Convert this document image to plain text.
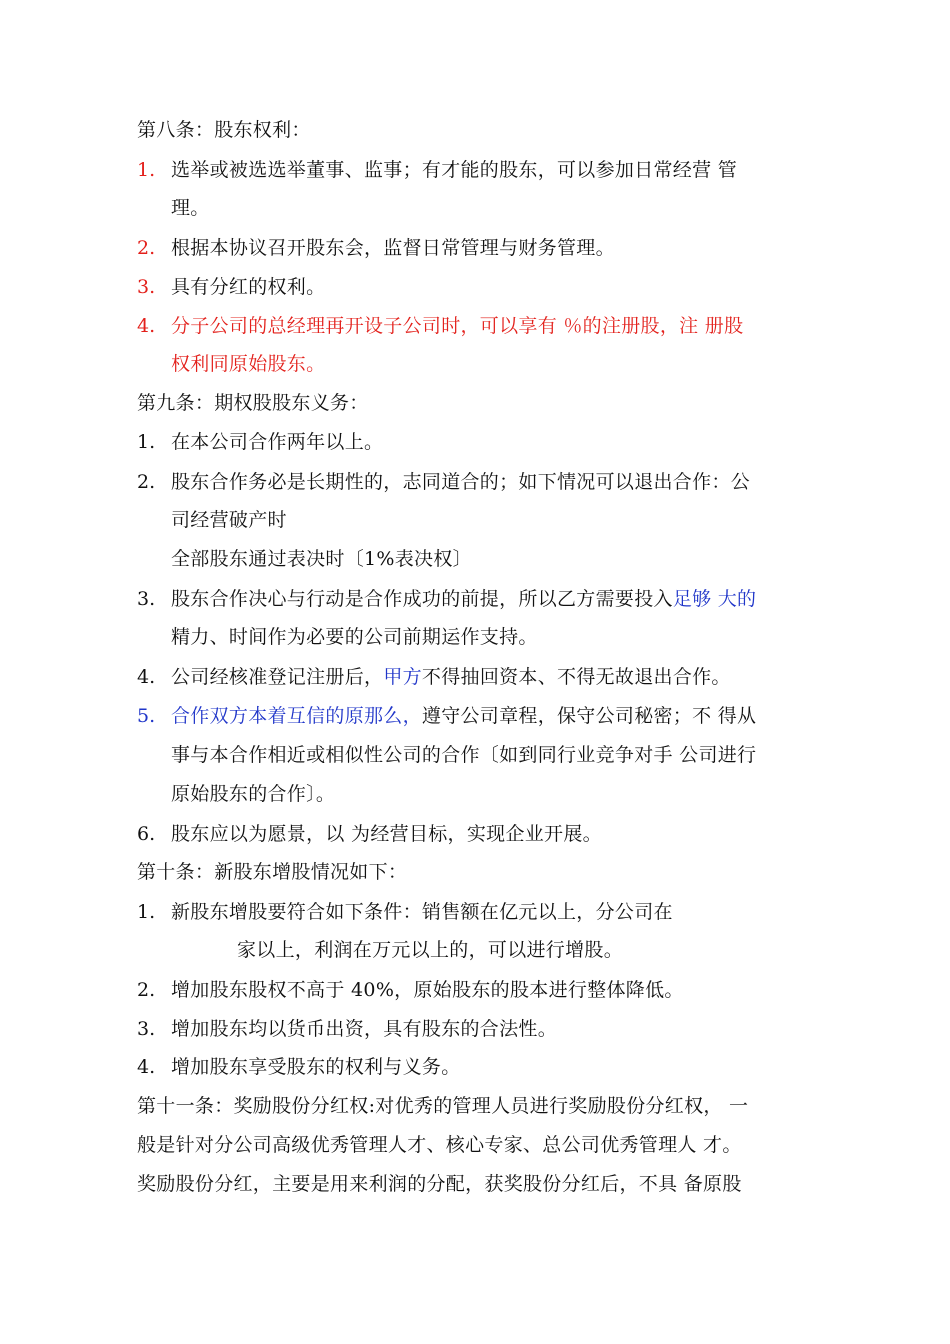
第八条：股东权利：
1. 选举或被选选举董事、监事；有才能的股东，可以参加日常经营 管
理。
2. 根据本协议召开股东会，监督日常管理与财务管理。
3. 具有分红的权利。
4. 分子公司的总经理再开设子公司时，可以享有 ％的注册股，注 册股
权利同原始股东。
第九条：期权股股东义务：
1. 在本公司合作两年以上。
2. 股东合作务必是长期性的，志同道合的；如下情况可以退出合作：公
司经营破产时
全部股东通过表决时〔1%表决权〕
3. 股东合作决心与行动是合作成功的前提，所以乙方需要投入足够 大的
精力、时间作为必要的公司前期运作支持。
4. 公司经核准登记注册后，甲方不得抽回资本、不得无故退出合作。
5. 合作双方本着互信的原那么，遵守公司章程，保守公司秘密；不 得从
事与本合作相近或相似性公司的合作〔如到同行业竞争对手 公司进行
原始股东的合作〕。
6. 股东应以为愿景，以 为经营目标，实现企业开展。
第十条：新股东增股情况如下：
1. 新股东增股要符合如下条件：销售额在亿元以上，分公司在
家以上，利润在万元以上的，可以进行增股。
2. 增加股东股权不高于 40%，原始股东的股本进行整体降低。
3. 增加股东均以货币出资，具有股东的合法性。
4. 增加股东享受股东的权利与义务。
第十一条：奖励股份分红权:对优秀的管理人员进行奖励股份分红权， 一
般是针对分公司高级优秀管理人才、核心专家、总公司优秀管理人 才。
奖励股份分红，主要是用来利润的分配，获奖股份分红后，不具 备原股
